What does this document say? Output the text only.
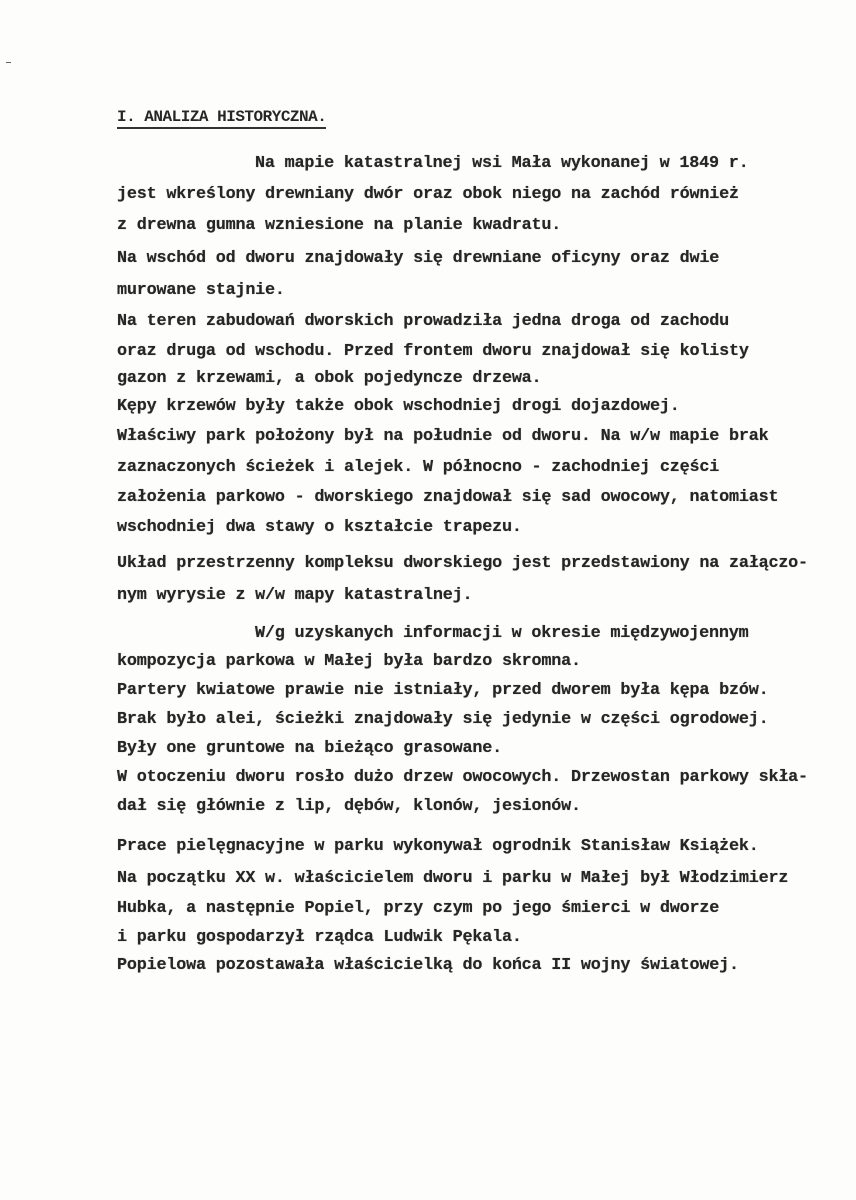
I. ANALIZA HISTORYCZNA.
Na mapie katastralnej wsi Mała wykonanej w 1849 r.
jest wkreślony drewniany dwór oraz obok niego na zachód również
z drewna gumna wzniesione na planie kwadratu.
Na wschód od dworu znajdowały się drewniane oficyny oraz dwie
murowane stajnie.
Na teren zabudowań dworskich prowadziła jedna droga od zachodu
oraz druga od wschodu. Przed frontem dworu znajdował się kolisty
gazon z krzewami, a obok pojedyncze drzewa.
Kępy krzewów były także obok wschodniej drogi dojazdowej.
Właściwy park położony był na południe od dworu. Na w/w mapie brak
zaznaczonych ścieżek i alejek. W północno - zachodniej części
założenia parkowo - dworskiego znajdował się sad owocowy, natomiast
wschodniej dwa stawy o kształcie trapezu.
Układ przestrzenny kompleksu dworskiego jest przedstawiony na załączo-
nym wyrysie z w/w mapy katastralnej.
W/g uzyskanych informacji w okresie międzywojennym
kompozycja parkowa w Małej była bardzo skromna.
Partery kwiatowe prawie nie istniały, przed dworem była kępa bzów.
Brak było alei, ścieżki znajdowały się jedynie w części ogrodowej.
Były one gruntowe na bieżąco grasowane.
W otoczeniu dworu rosło dużo drzew owocowych. Drzewostan parkowy skła-
dał się głównie z lip, dębów, klonów, jesionów.
Prace pielęgnacyjne w parku wykonywał ogrodnik Stanisław Książek.
Na początku XX w. właścicielem dworu i parku w Małej był Włodzimierz
Hubka, a następnie Popiel, przy czym po jego śmierci w dworze
i parku gospodarzył rządca Ludwik Pękala.
Popielowa pozostawała właścicielką do końca II wojny światowej.
